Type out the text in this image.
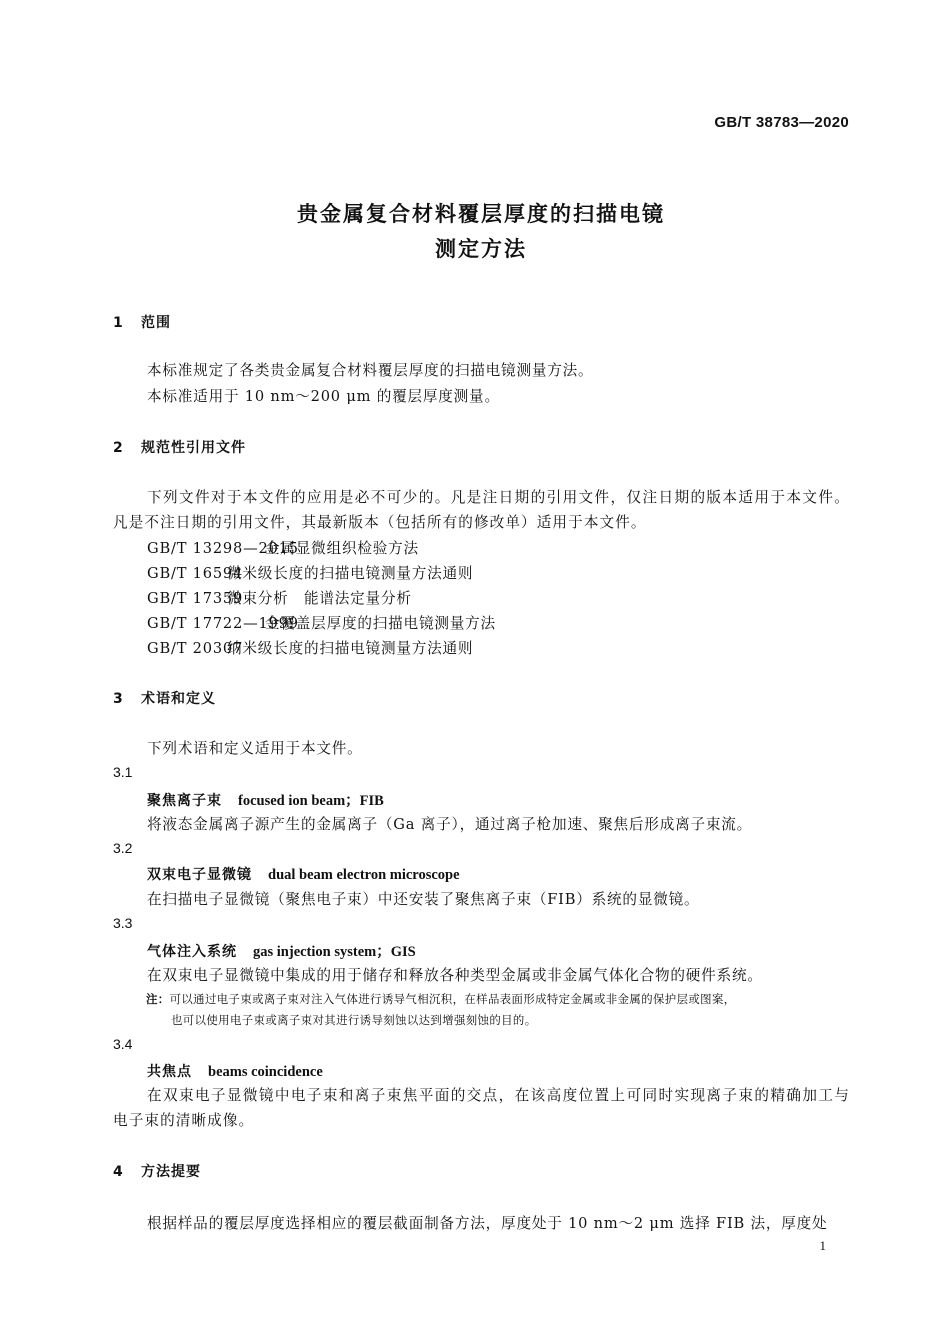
GB/T 38783—2020
贵金属复合材料覆层厚度的扫描电镜
测定方法
1 范围
本标准规定了各类贵金属复合材料覆层厚度的扫描电镜测量方法。
本标准适用于 10 nm～200 μm 的覆层厚度测量。
2 规范性引用文件
下列文件对于本文件的应用是必不可少的。凡是注日期的引用文件，仅注日期的版本适用于本文件。凡是不注日期的引用文件，其最新版本（包括所有的修改单）适用于本文件。
GB/T 13298—2015金属显微组织检验方法
GB/T 16594微米级长度的扫描电镜测量方法通则
GB/T 17359微束分析　能谱法定量分析
GB/T 17722—1999金覆盖层厚度的扫描电镜测量方法
GB/T 20307纳米级长度的扫描电镜测量方法通则
3 术语和定义
下列术语和定义适用于本文件。
3.1
聚焦离子束 focused ion beam；FIB
将液态金属离子源产生的金属离子（Ga 离子），通过离子枪加速、聚焦后形成离子束流。
3.2
双束电子显微镜 dual beam electron microscope
在扫描电子显微镜（聚焦电子束）中还安装了聚焦离子束（FIB）系统的显微镜。
3.3
气体注入系统 gas injection system；GIS
在双束电子显微镜中集成的用于储存和释放各种类型金属或非金属气体化合物的硬件系统。
注：可以通过电子束或离子束对注入气体进行诱导气相沉积，在样品表面形成特定金属或非金属的保护层或图案，
也可以使用电子束或离子束对其进行诱导刻蚀以达到增强刻蚀的目的。
3.4
共焦点 beams coincidence
在双束电子显微镜中电子束和离子束焦平面的交点，在该高度位置上可同时实现离子束的精确加工与电子束的清晰成像。
4 方法提要
根据样品的覆层厚度选择相应的覆层截面制备方法，厚度处于 10 nm～2 μm 选择 FIB 法，厚度处
1
